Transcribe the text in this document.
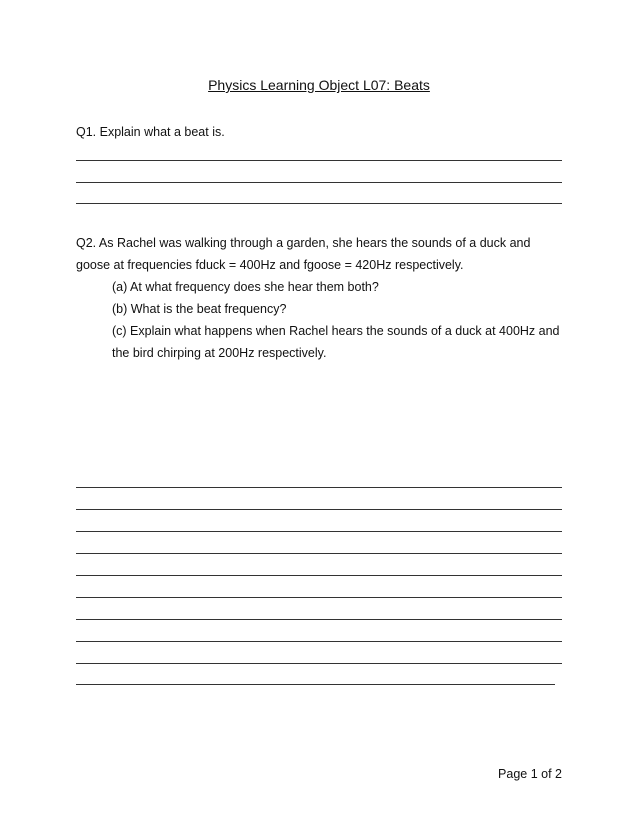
Physics Learning Object L07: Beats
Q1. Explain what a beat is.
Q2. As Rachel was walking through a garden, she hears the sounds of a duck and
goose at frequencies fduck = 400Hz and fgoose = 420Hz respectively.
(a) At what frequency does she hear them both?
(b) What is the beat frequency?
(c) Explain what happens when Rachel hears the sounds of a duck at 400Hz and
the bird chirping at 200Hz respectively.
Page 1 of 2
